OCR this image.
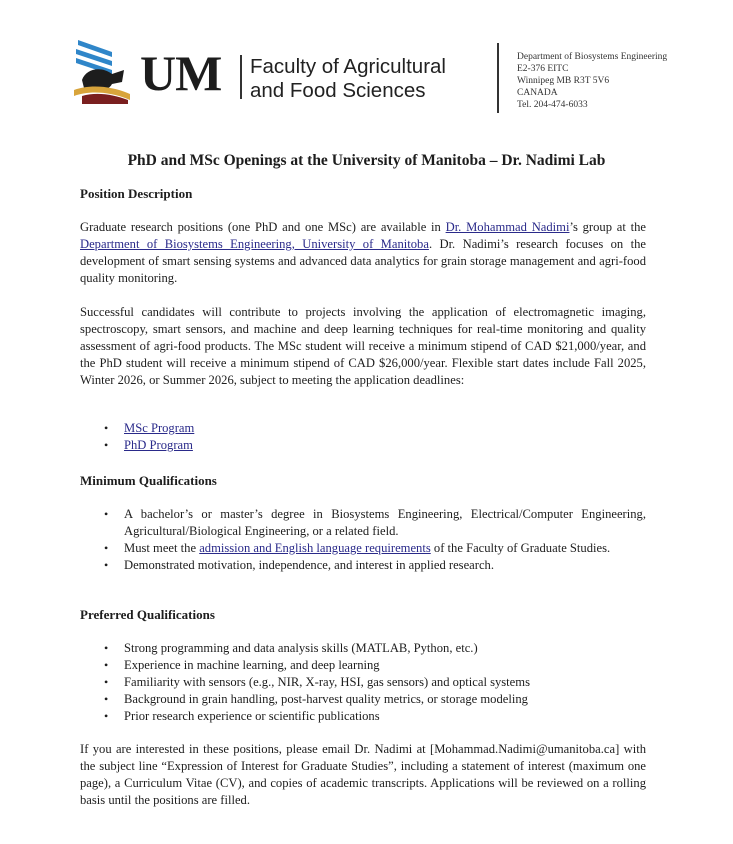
UM Faculty of Agricultural
and Food Sciences
Department of Biosystems Engineering
E2-376 EITC
Winnipeg MB R3T 5V6
CANADA
Tel. 204-474-6033
PhD and MSc Openings at the University of Manitoba – Dr. Nadimi Lab
Position Description

Graduate research positions (one PhD and one MSc) are available in Dr. Mohammad Nadimi’s group at the Department of Biosystems Engineering, University of Manitoba. Dr. Nadimi’s research focuses on the development of smart sensing systems and advanced data analytics for grain storage management and agri-food quality monitoring.

Successful candidates will contribute to projects involving the application of electromagnetic imaging, spectroscopy, smart sensors, and machine and deep learning techniques for real-time monitoring and quality assessment of agri-food products. The MSc student will receive a minimum stipend of CAD $21,000/year, and the PhD student will receive a minimum stipend of CAD $26,000/year. Flexible start dates include Fall 2025, Winter 2026, or Summer 2026, subject to meeting the application deadlines:

• MSc Program
• PhD Program
Minimum Qualifications
• A bachelor’s or master’s degree in Biosystems Engineering, Electrical/Computer Engineering, Agricultural/Biological Engineering, or a related field.
• Must meet the admission and English language requirements of the Faculty of Graduate Studies.
• Demonstrated motivation, independence, and interest in applied research.
Preferred Qualifications
• Strong programming and data analysis skills (MATLAB, Python, etc.)
• Experience in machine learning, and deep learning
• Familiarity with sensors (e.g., NIR, X-ray, HSI, gas sensors) and optical systems
• Background in grain handling, post-harvest quality metrics, or storage modeling
• Prior research experience or scientific publications

If you are interested in these positions, please email Dr. Nadimi at [Mohammad.Nadimi@umanitoba.ca] with the subject line “Expression of Interest for Graduate Studies”, including a statement of interest (maximum one page), a Curriculum Vitae (CV), and copies of academic transcripts. Applications will be reviewed on a rolling basis until the positions are filled.
